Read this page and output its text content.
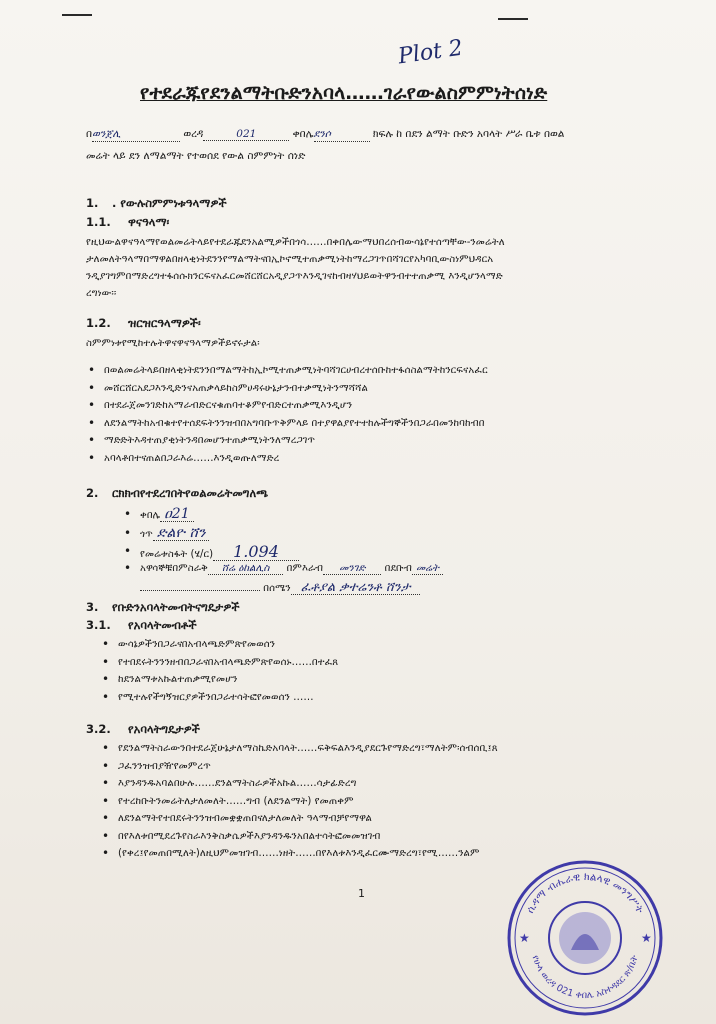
Plot 2
የተደራጁየደንልማትቡድንአባላ……ገራየውልስምምነትሰነድ
በወንጀሊ	ወረዳ	021	ቀበሌደንሶ	ክፍሉ ከ በደን ልማት ቡድን አባላት ሥራ ቤቱ በወል
መሬት ላይ ደን ለማልማት የተወሰደ የውል ስምምነት ሰነድ
1. . የውሉስምምነቱዓላማዎች
1.1. ዋናዓላማ፡
የዚህውልዋናዓላማየወልመሬትላይየተደራጁደንአልሚዎችበጎሳ……በቀበሌውማህበረሰብውሳኔየተሰጣቸው-ንመሬትለ
ታለመለትዓላማበማዋልበዘላቂነትደንንየማልማትናበኢኮኖሚተጠቃሚነትከማረጋገጥበሻገርየአካባቢውስነምህዳርአ
ንዲያገግምበማድረግተፋሰሱክንርፍናአፈርመሸርሸርአዲያጋጥእንዲገናከብዛሃህይወትዋንብተተጠቃሚ እንዲሆንላማድ
ረግነው፡፡
1.2. ዝርዝርዓላማዎች፡
ስምምነቱየሚከተሉትዋናዋናዓላማዎችይኖሩታል፡
• በወልመሬትላይበዘላቂነትደንንበማልማትከኢኮሚተጠቃሚነትባሻገርሀብረተሰቡከተፋሰስልማትከንርፍናአፈር
• መሸርሸርአደጋእንዲድንናአጠቃላይከስምሀዳሩሁኔታንብተቃሚነትንማሻሻል
• በተደራጀመንገድከአማራብድርናቁጠባተቆምየብድርተጠቃሚእንዲሆን
• ለደንልማትከአብቁተየተሰደፍትንንዝብበአግባቡጥቅምላይ በተያዋልያየተተከሉችግኞችንበጋራበመንከባከብበ
• ማድድትእዳተጠያቂነትንዳበመሆንተጠቃሚነትንለማረጋገጥ
• አባላቶበተናጠልበጋራእሬ……እንዲወጡለማድረ
2. ርክክብየተደረገበትየወልመሬትመግለጫ
• ቀበሌ ዐ21
• ጎጥ ድልዮ ሸን
• የመሬቱስፋት (ሄ/ር) 1.094
• አዋሳኞቹበምስራቅ ሸሬ ዕከልሊስ በምእራብ መንገድ በደቡብ መሬት
በሰሜን ፈቶያል ቃተሬንቶ ሸንታ
3. የቡድንአባላትመብትናግዴታዎች
3.1. የአባላትመብቶች
• ውሳኔዎችንበጋራናበአብላጫድምጽየመወሰን
• የተበደሩትንንንዘብበጋራናበአብላጫድምጽየወሰኑ……በተፈጸ
• ከደንልማቱአኩልተጠቃሚየመሆን
• የሚተሉየችግኝዝርያዎችንበጋራተሳትፎየመወሰን ……
3.2. የአባላትግዴታዎች
• የደንልማትስራውንበተደራጀሁኔታለማስኬድአባላት……ፍቅፍልእንዲያደርጉየማድረግ፣ማለትም፡ሰብሰቢ፤ጸ
• ጋፈንንዝብያዥየመምረጥ
• እያንዳንዱአባልበሁሉ……ደንልማትስራዎችአኩል……ሳታፊድረግ
• የተረከቡትንመሬትለታለመለት……ግብ (ለደንልማት) የመጠቀም
• ለደንልማትየተበደሩትንንዝብመቋቋጠበናለታለመለት ዓላማብቻየማዋል
• በየእለቱበሚደረጉየስራእንቅስቃሴዎችእያንዳንዱንአበልተሳትፎመመዝገብ
• (የቀረ፤የመጠበሚለት)ለዚህምመዝገብ……ነዘት……በየእለቱእንዲፈርሙማድረግ፣የሚ……ንልም
1
ሲዳማ ብሔራዊ ክልላዊ መንግሥት
የሁላ ወረዳ 021 ቀበሌ አስተዳደር ጽ/ቤት
★	★
